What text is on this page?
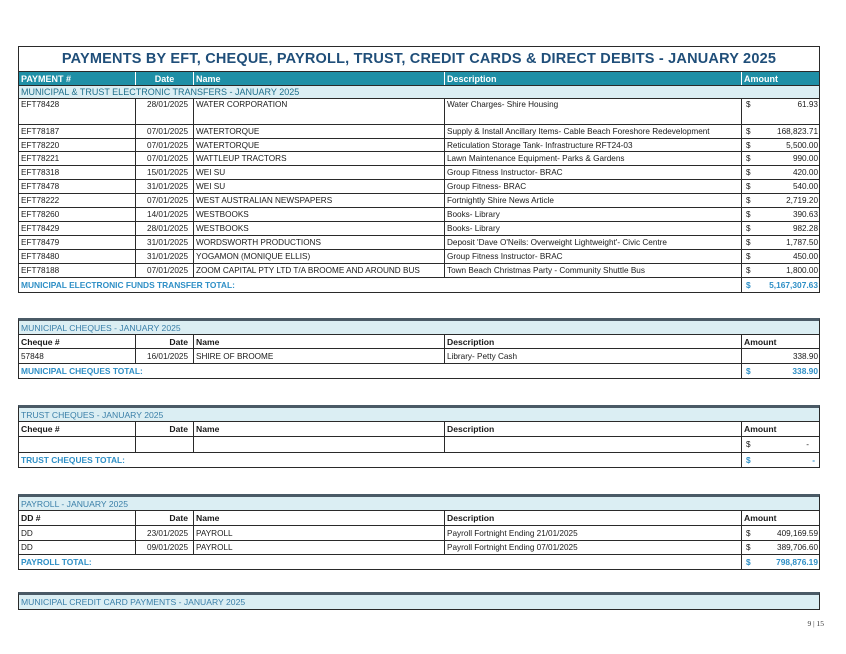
PAYMENTS BY EFT, CHEQUE, PAYROLL, TRUST, CREDIT CARDS & DIRECT DEBITS - JANUARY 2025
PAYMENT #	Date	Name	Description	Amount
MUNICIPAL & TRUST ELECTRONIC TRANSFERS - JANUARY 2025
EFT78428	28/01/2025 WATER CORPORATION	Water Charges- Shire Housing	$	61.93
EFT78187	07/01/2025 WATERTORQUE	Supply & Install Ancillary Items- Cable Beach Foreshore Redevelopment	$	168,823.71
EFT78220	07/01/2025 WATERTORQUE	Reticulation Storage Tank- Infrastructure RFT24-03	$	5,500.00
EFT78221	07/01/2025 WATTLEUP TRACTORS	Lawn Maintenance Equipment- Parks & Gardens	$	990.00
EFT78318	15/01/2025 WEI SU	Group Fitness Instructor- BRAC	$	420.00
EFT78478	31/01/2025 WEI SU	Group Fitness- BRAC	$	540.00
EFT78222	07/01/2025 WEST AUSTRALIAN NEWSPAPERS	Fortnightly Shire News Article	$	2,719.20
EFT78260	14/01/2025 WESTBOOKS	Books- Library	$	390.63
EFT78429	28/01/2025 WESTBOOKS	Books- Library	$	982.28
EFT78479	31/01/2025 WORDSWORTH PRODUCTIONS	Deposit 'Dave O'Neils: Overweight Lightweight'- Civic Centre	$	1,787.50
EFT78480	31/01/2025 YOGAMON (MONIQUE ELLIS)	Group Fitness Instructor- BRAC	$	450.00
EFT78188	07/01/2025 ZOOM CAPITAL PTY LTD T/A BROOME AND AROUND BUS	Town Beach Christmas Party - Community Shuttle Bus	$	1,800.00
MUNICIPAL ELECTRONIC FUNDS TRANSFER TOTAL:	$ 5,167,307.63
MUNICIPAL CHEQUES - JANUARY 2025
Cheque #	Date Name	Description	Amount
57848	16/01/2025 SHIRE OF BROOME	Library- Petty Cash	338.90
MUNICIPAL CHEQUES TOTAL:	$	338.90
TRUST CHEQUES - JANUARY 2025
Cheque #	Date Name	Description	Amount
$	-
TRUST CHEQUES TOTAL:	$	-
PAYROLL - JANUARY 2025
DD #	Date Name	Description	Amount
DD	23/01/2025 PAYROLL	Payroll Fortnight Ending 21/01/2025	$	409,169.59
DD	09/01/2025 PAYROLL	Payroll Fortnight Ending 07/01/2025	$	389,706.60
PAYROLL TOTAL:	$	798,876.19
MUNICIPAL CREDIT CARD PAYMENTS - JANUARY 2025
9 | 15
